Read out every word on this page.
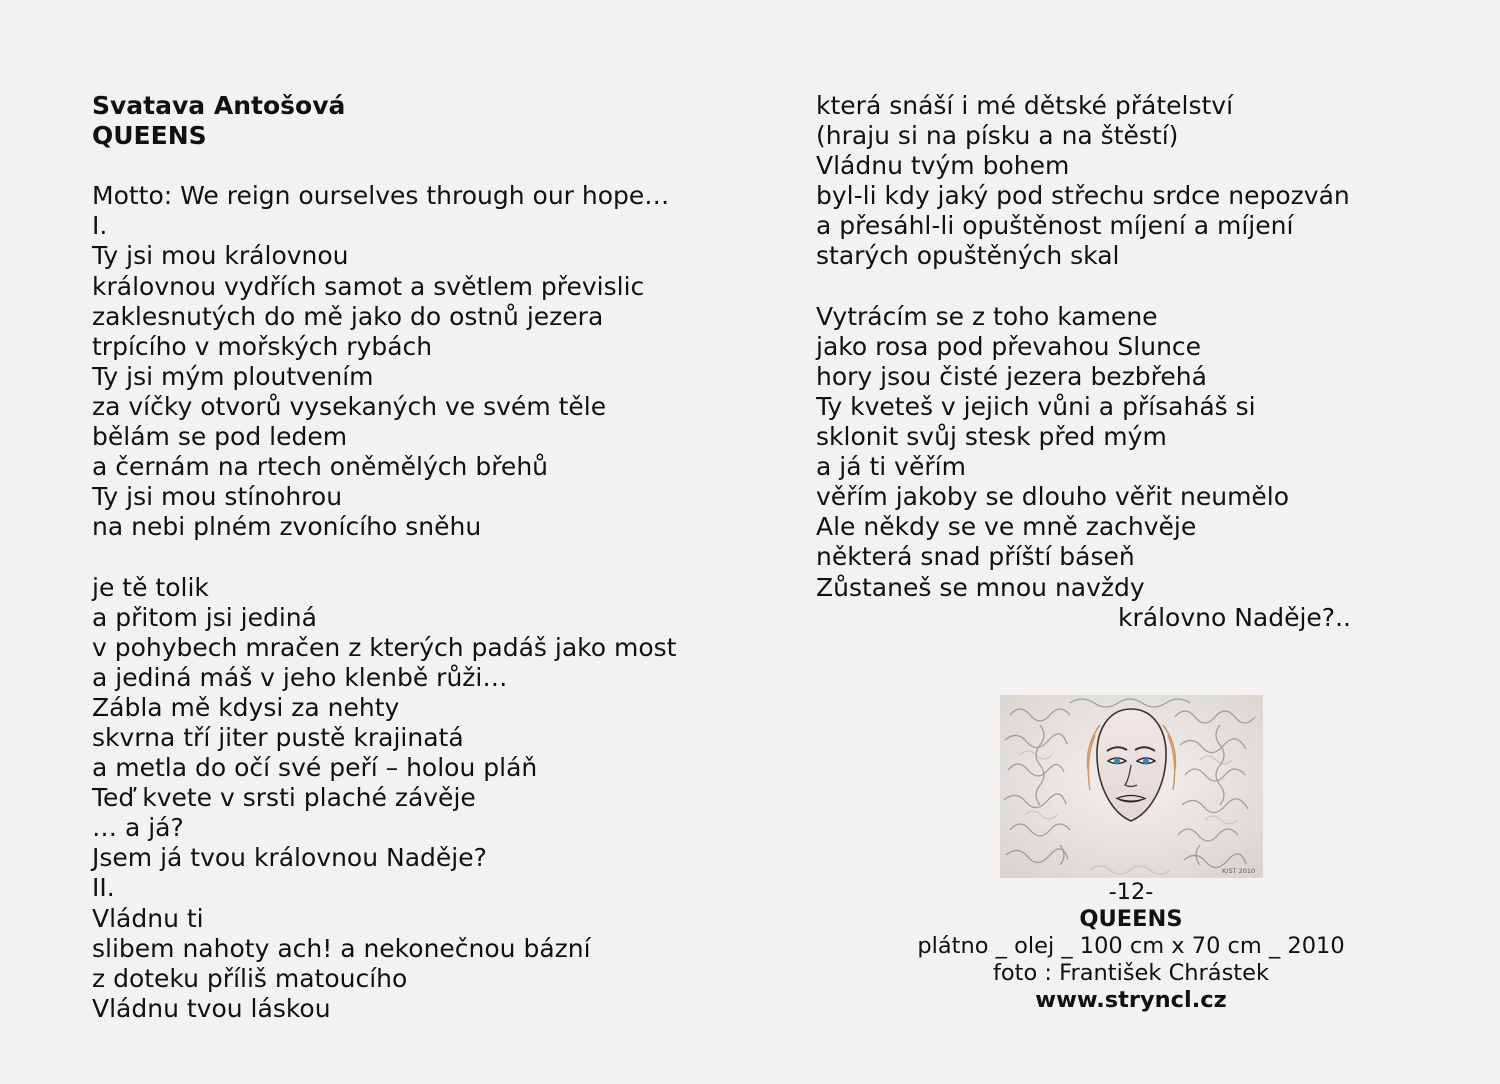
Svatava Antošová
QUEENS
Motto: We reign ourselves through our hope…
I.
Ty jsi mou královnou
královnou vydřích samot a světlem převislic
zaklesnutých do mě jako do ostnů jezera
trpícího v mořských rybách
Ty jsi mým ploutvením
za víčky otvorů vysekaných ve svém těle
bělám se pod ledem
a černám na rtech oněmělých břehů
Ty jsi mou stínohrou
na nebi plném zvonícího sněhu
je tě tolik
a přitom jsi jediná
v pohybech mračen z kterých padáš jako most
a jediná máš v jeho klenbě růži…
Zábla mě kdysi za nehty
skvrna tří jiter pustě krajinatá
a metla do očí své peří – holou pláň
Teď kvete v srsti plaché závěje
… a já?
Jsem já tvou královnou Naděje?
II.
Vládnu ti
slibem nahoty ach! a nekonečnou bázní
z doteku příliš matoucího
Vládnu tvou láskou
která snáší i mé dětské přátelství
(hraju si na písku a na štěstí)
Vládnu tvým bohem
byl-li kdy jaký pod střechu srdce nepozván
a přesáhl-li opuštěnost míjení a míjení
starých opuštěných skal
Vytrácím se z toho kamene
jako rosa pod převahou Slunce
hory jsou čisté jezera bezbřehá
Ty kveteš v jejich vůni a přísaháš si
sklonit svůj stesk před mým
a já ti věřím
věřím jakoby se dlouho věřit neumělo
Ale někdy se ve mně zachvěje
některá snad příští báseň
Zůstaneš se mnou navždy
královno Naděje?..
K/ST 2010
-12-
QUEENS
plátno _ olej _ 100 cm x 70 cm _ 2010
foto : František Chrástek
www.stryncl.cz
